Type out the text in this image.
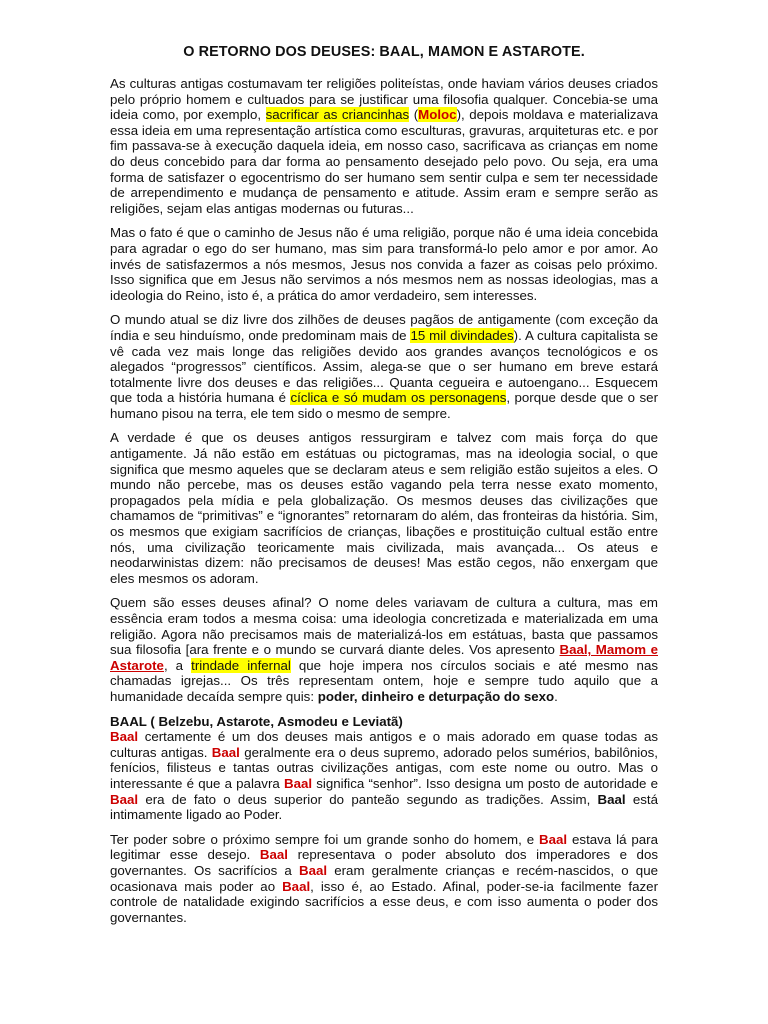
O RETORNO DOS DEUSES: BAAL, MAMON E ASTAROTE.

As culturas antigas costumavam ter religiões politeístas, onde haviam vários deuses criados pelo próprio homem e cultuados para se justificar uma filosofia qualquer. Concebia-se uma ideia como, por exemplo, sacrificar as criancinhas (Moloc), depois moldava e materializava essa ideia em uma representação artística como esculturas, gravuras, arquiteturas etc. e por fim passava-se à execução daquela ideia, em nosso caso, sacrificava as crianças em nome do deus concebido para dar forma ao pensamento desejado pelo povo. Ou seja, era uma forma de satisfazer o egocentrismo do ser humano sem sentir culpa e sem ter necessidade de arrependimento e mudança de pensamento e atitude. Assim eram e sempre serão as religiões, sejam elas antigas modernas ou futuras...

Mas o fato é que o caminho de Jesus não é uma religião, porque não é uma ideia concebida para agradar o ego do ser humano, mas sim para transformá-lo pelo amor e por amor. Ao invés de satisfazermos a nós mesmos, Jesus nos convida a fazer as coisas pelo próximo. Isso significa que em Jesus não servimos a nós mesmos nem as nossas ideologias, mas a ideologia do Reino, isto é, a prática do amor verdadeiro, sem interesses.

O mundo atual se diz livre dos zilhões de deuses pagãos de antigamente (com exceção da índia e seu hinduísmo, onde predominam mais de 15 mil divindades). A cultura capitalista se vê cada vez mais longe das religiões devido aos grandes avanços tecnológicos e os alegados “progressos” científicos. Assim, alega-se que o ser humano em breve estará totalmente livre dos deuses e das religiões... Quanta cegueira e autoengano... Esquecem que toda a história humana é cíclica e só mudam os personagens, porque desde que o ser humano pisou na terra, ele tem sido o mesmo de sempre.

A verdade é que os deuses antigos ressurgiram e talvez com mais força do que antigamente. Já não estão em estátuas ou pictogramas, mas na ideologia social, o que significa que mesmo aqueles que se declaram ateus e sem religião estão sujeitos a eles. O mundo não percebe, mas os deuses estão vagando pela terra nesse exato momento, propagados pela mídia e pela globalização. Os mesmos deuses das civilizações que chamamos de “primitivas” e “ignorantes” retornaram do além, das fronteiras da história. Sim, os mesmos que exigiam sacrifícios de crianças, libações e prostituição cultual estão entre nós, uma civilização teoricamente mais civilizada, mais avançada... Os ateus e neodarwinistas dizem: não precisamos de deuses! Mas estão cegos, não enxergam que eles mesmos os adoram.

Quem são esses deuses afinal? O nome deles variavam de cultura a cultura, mas em essência eram todos a mesma coisa: uma ideologia concretizada e materializada em uma religião. Agora não precisamos mais de materializá-los em estátuas, basta que passamos sua filosofia [ara frente e o mundo se curvará diante deles. Vos apresento Baal, Mamom e Astarote, a trindade infernal que hoje impera nos círculos sociais e até mesmo nas chamadas igrejas... Os três representam ontem, hoje e sempre tudo aquilo que a humanidade decaída sempre quis: poder, dinheiro e deturpação do sexo.

BAAL ( Belzebu, Astarote, Asmodeu e Leviatã)

Baal certamente é um dos deuses mais antigos e o mais adorado em quase todas as culturas antigas. Baal geralmente era o deus supremo, adorado pelos sumérios, babilônios, fenícios, filisteus e tantas outras civilizações antigas, com este nome ou outro. Mas o interessante é que a palavra Baal significa “senhor”. Isso designa um posto de autoridade e Baal era de fato o deus superior do panteão segundo as tradições. Assim, Baal está intimamente ligado ao Poder.

Ter poder sobre o próximo sempre foi um grande sonho do homem, e Baal estava lá para legitimar esse desejo. Baal representava o poder absoluto dos imperadores e dos governantes. Os sacrifícios a Baal eram geralmente crianças e recém-nascidos, o que ocasionava mais poder ao Baal, isso é, ao Estado. Afinal, poder-se-ia facilmente fazer controle de natalidade exigindo sacrifícios a esse deus, e com isso aumenta o poder dos governantes.
